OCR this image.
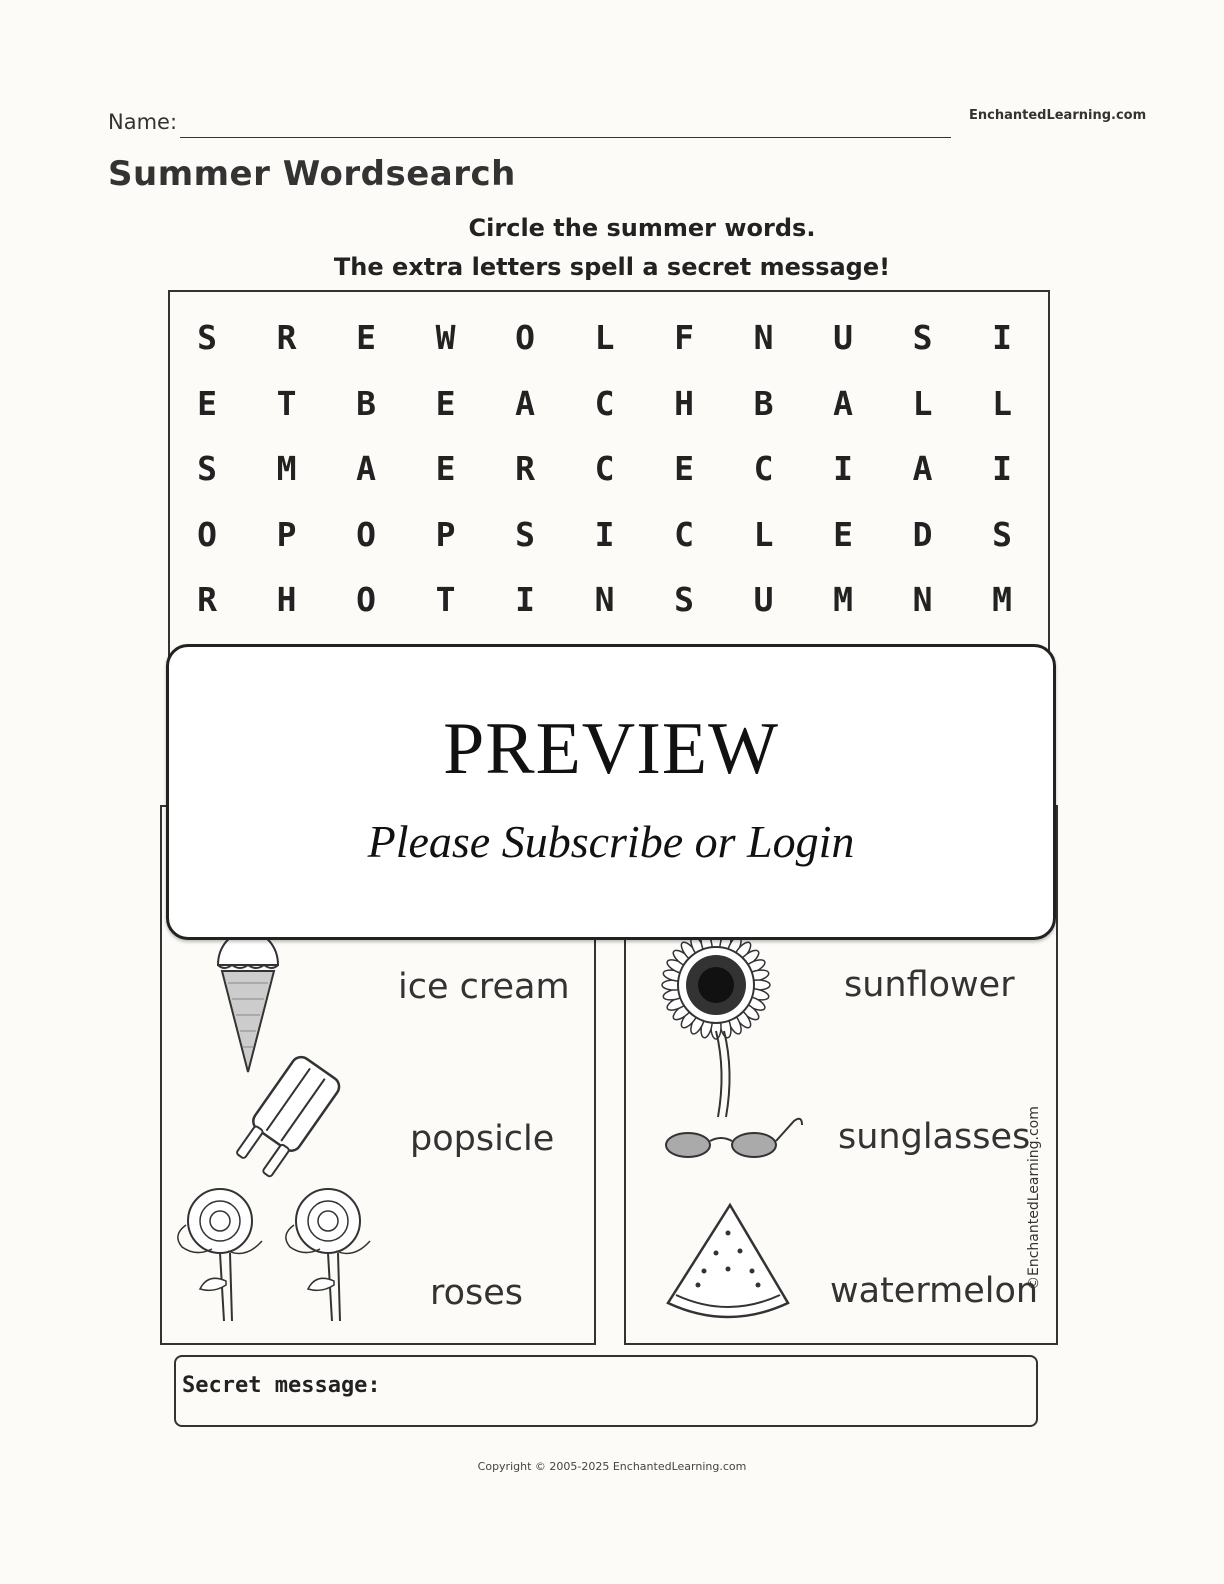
Name:	EnchantedLearning.com
Summer Wordsearch
Circle the summer words.
The extra letters spell a secret message!
S	R	E	W	O	L	F	N	U	S	I
E	T	B	E	A	C	H	B	A	L	L
S	M	A	E	R	C	E	C	I	A	I
O	P	O	P	S	I	C	L	E	D	S
R	H	O	T	I	N	S	U	M	N	M
ice cream
popsicle
roses
sunflower
sunglasses
watermelon
©EnchantedLearning.com
PREVIEW
Please Subscribe or Login
Secret message:
Copyright © 2005-2025 EnchantedLearning.com
